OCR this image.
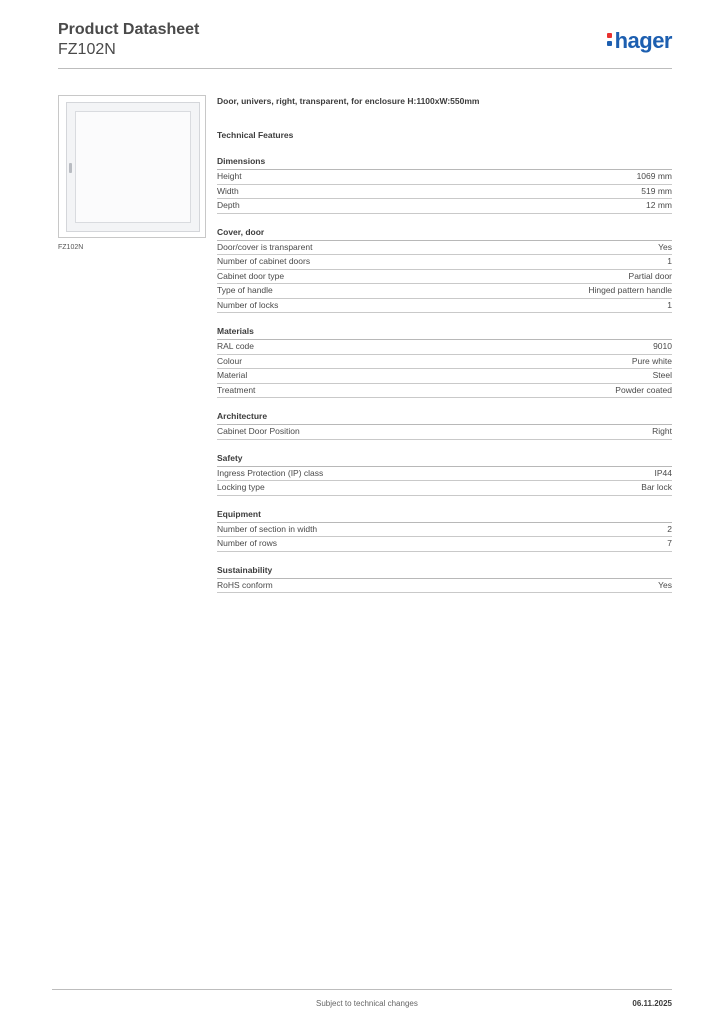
Product Datasheet
FZ102N	hager
FZ102N
Door, univers, right, transparent, for enclosure H:1100xW:550mm
Technical Features
Dimensions
Height	1069 mm
Width	519 mm
Depth	12 mm
Cover, door
Door/cover is transparent	Yes
Number of cabinet doors	1
Cabinet door type	Partial door
Type of handle	Hinged pattern handle
Number of locks	1
Materials
RAL code	9010
Colour	Pure white
Material	Steel
Treatment	Powder coated
Architecture
Cabinet Door Position	Right
Safety
Ingress Protection (IP) class	IP44
Locking type	Bar lock
Equipment
Number of section in width	2
Number of rows	7
Sustainability
RoHS conform	Yes
Subject to technical changes	06.11.2025
